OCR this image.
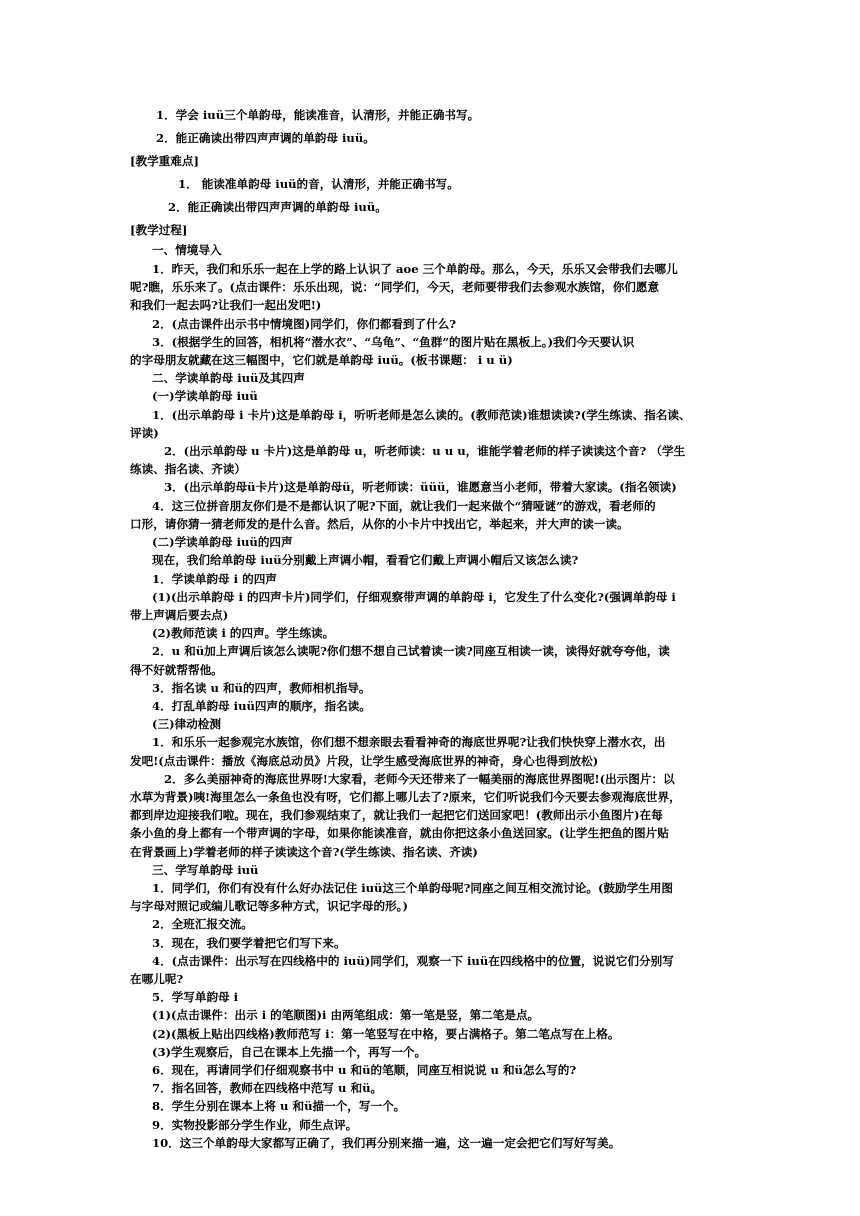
1．学会 iuü三个单韵母，能读准音，认清形，并能正确书写。
2．能正确读出带四声声调的单韵母 iuü。
[教学重难点]
1． 能读准单韵母 iuü的音，认清形，并能正确书写。
2．能正确读出带四声声调的单韵母 iuü。
[教学过程]
一、情境导入
1．昨天，我们和乐乐一起在上学的路上认识了 aoe 三个单韵母。那么，今天，乐乐又会带我们去哪儿
呢?瞧，乐乐来了。(点击课件：乐乐出现，说：“同学们，今天，老师要带我们去参观水族馆，你们愿意
和我们一起去吗?让我们一起出发吧!)
2．(点击课件出示书中情境图)同学们，你们都看到了什么?
3．(根据学生的回答，相机将“潜水衣”、“乌龟”、“鱼群”的图片贴在黑板上。)我们今天要认识
的字母朋友就藏在这三幅图中，它们就是单韵母 iuü。(板书课题： i u ü)
二、学读单韵母 iuü及其四声
(一)学读单韵母 iuü
1．(出示单韵母 i 卡片)这是单韵母 i，听听老师是怎么读的。(教师范读)谁想读读?(学生练读、指名读、
评读)
2．(出示单韵母 u 卡片)这是单韵母 u，听老师读：u u u，谁能学着老师的样子读读这个音? （学生
练读、指名读、齐读）
3．(出示单韵母ü卡片)这是单韵母ü，听老师读：üüü，谁愿意当小老师，带着大家读。(指名领读)
4．这三位拼音朋友你们是不是都认识了呢?下面，就让我们一起来做个“猜哑谜”的游戏，看老师的
口形，请你猜一猜老师发的是什么音。然后，从你的小卡片中找出它，举起来，并大声的读一读。
(二)学读单韵母 iuü的四声
现在，我们给单韵母 iuü分别戴上声调小帽，看看它们戴上声调小帽后又该怎么读?
1．学读单韵母 i 的四声
(1)(出示单韵母 i 的四声卡片)同学们，仔细观察带声调的单韵母 i，它发生了什么变化?(强调单韵母 i
带上声调后要去点)
(2)教师范读 i 的四声。学生练读。
2．u 和ü加上声调后该怎么读呢?你们想不想自己试着读一读?同座互相读一读，读得好就夸夸他，读
得不好就帮帮他。
3．指名读 u 和ü的四声，教师相机指导。
4．打乱单韵母 iuü四声的顺序，指名读。
(三)律动检测
1．和乐乐一起参观完水族馆，你们想不想亲眼去看看神奇的海底世界呢?让我们快快穿上潜水衣，出
发吧!(点击课件：播放《海底总动员》片段，让学生感受海底世界的神奇，身心也得到放松)
2．多么美丽神奇的海底世界呀!大家看，老师今天还带来了一幅美丽的海底世界图呢!(出示图片：以
水草为背景)咦!海里怎么一条鱼也没有呀，它们都上哪儿去了?原来，它们听说我们今天要去参观海底世界，
都到岸边迎接我们啦。现在，我们参观结束了，就让我们一起把它们送回家吧！(教师出示小鱼图片)在每
条小鱼的身上都有一个带声调的字母，如果你能读准音，就由你把这条小鱼送回家。(让学生把鱼的图片贴
在背景画上)学着老师的样子读读这个音?(学生练读、指名读、齐读)
三、学写单韵母 iuü
1．同学们，你们有没有什么好办法记住 iuü这三个单韵母呢?同座之间互相交流讨论。(鼓励学生用图
与字母对照记或编儿歌记等多种方式，识记字母的形。)
2．全班汇报交流。
3．现在，我们要学着把它们写下来。
4．(点击课件：出示写在四线格中的 iuü)同学们，观察一下 iuü在四线格中的位置，说说它们分别写
在哪儿呢?
5．学写单韵母 i
(1)(点击课件：出示 i 的笔顺图)i 由两笔组成：第一笔是竖，第二笔是点。
(2)(黑板上贴出四线格)教师范写 i：第一笔竖写在中格，要占满格子。第二笔点写在上格。
(3)学生观察后，自己在课本上先描一个，再写一个。
6．现在，再请同学们仔细观察书中 u 和ü的笔顺，同座互相说说 u 和ü怎么写的?
7．指名回答，教师在四线格中范写 u 和ü。
8．学生分别在课本上将 u 和ü描一个，写一个。
9．实物投影部分学生作业，师生点评。
10．这三个单韵母大家都写正确了，我们再分别来描一遍，这一遍一定会把它们写好写美。
